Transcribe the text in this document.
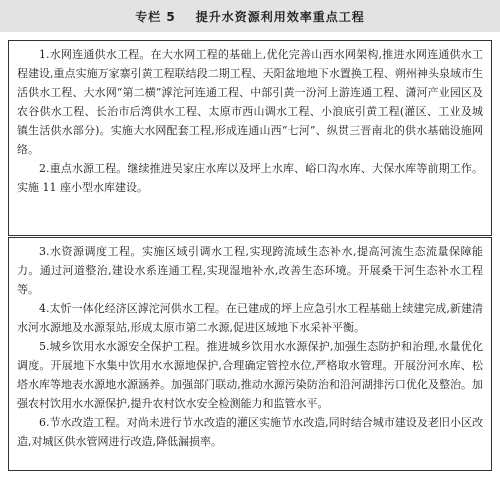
专栏 5 提升水资源利用效率重点工程

1.水网连通供水工程。在大水网工程的基础上,优化完善山西水网架构,推进水网连通供水工程建设,重点实施万家寨引黄工程联结段二期工程、天阳盆地地下水置换工程、朔州神头泉域市生活供水工程、大水网“第二横”滹沱河连通工程、中部引黄一汾河上游连通工程、潇河产业园区及农谷供水工程、长治市后湾供水工程、太原市西山调水工程、小浪底引黄工程(灌区、工业及城镇生活供水部分)。实施大水网配套工程,形成连通山西“七河”、纵贯三晋南北的供水基础设施网络。

2.重点水源工程。继续推进吴家庄水库以及坪上水库、峪口沟水库、大保水库等前期工作。实施 11 座小型水库建设。

3.水资源调度工程。实施区域引调水工程,实现跨流域生态补水,提高河流生态流量保障能力。通过河道整治,建设水系连通工程,实现湿地补水,改善生态环境。开展桑干河生态补水工程等。

4.太忻一体化经济区滹沱河供水工程。在已建成的坪上应急引水工程基础上续建完成,新建清水河水源地及水源泵站,形成太原市第二水源,促进区域地下水采补平衡。

5.城乡饮用水水源安全保护工程。推进城乡饮用水水源保护,加强生态防护和治理,水量优化调度。开展地下水集中饮用水水源地保护,合理确定管控水位,严格取水管理。开展汾河水库、松塔水库等地表水源地水源涵养。加强部门联动,推动水源污染防治和沿河湖排污口优化及整治。加强农村饮用水水源保护,提升农村饮水安全检测能力和监管水平。

6.节水改造工程。对尚未进行节水改造的灌区实施节水改造,同时结合城市建设及老旧小区改造,对城区供水管网进行改造,降低漏损率。
